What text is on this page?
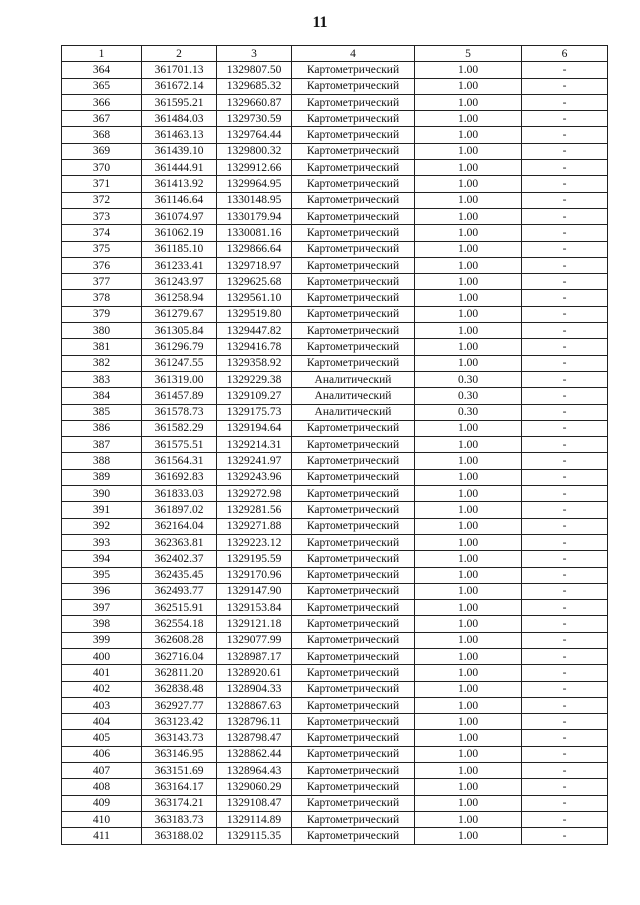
11
1	2	3	4	5	6
364	361701.13	1329807.50	Картометрический	1.00	-
365	361672.14	1329685.32	Картометрический	1.00	-
366	361595.21	1329660.87	Картометрический	1.00	-
367	361484.03	1329730.59	Картометрический	1.00	-
368	361463.13	1329764.44	Картометрический	1.00	-
369	361439.10	1329800.32	Картометрический	1.00	-
370	361444.91	1329912.66	Картометрический	1.00	-
371	361413.92	1329964.95	Картометрический	1.00	-
372	361146.64	1330148.95	Картометрический	1.00	-
373	361074.97	1330179.94	Картометрический	1.00	-
374	361062.19	1330081.16	Картометрический	1.00	-
375	361185.10	1329866.64	Картометрический	1.00	-
376	361233.41	1329718.97	Картометрический	1.00	-
377	361243.97	1329625.68	Картометрический	1.00	-
378	361258.94	1329561.10	Картометрический	1.00	-
379	361279.67	1329519.80	Картометрический	1.00	-
380	361305.84	1329447.82	Картометрический	1.00	-
381	361296.79	1329416.78	Картометрический	1.00	-
382	361247.55	1329358.92	Картометрический	1.00	-
383	361319.00	1329229.38	Аналитический	0.30	-
384	361457.89	1329109.27	Аналитический	0.30	-
385	361578.73	1329175.73	Аналитический	0.30	-
386	361582.29	1329194.64	Картометрический	1.00	-
387	361575.51	1329214.31	Картометрический	1.00	-
388	361564.31	1329241.97	Картометрический	1.00	-
389	361692.83	1329243.96	Картометрический	1.00	-
390	361833.03	1329272.98	Картометрический	1.00	-
391	361897.02	1329281.56	Картометрический	1.00	-
392	362164.04	1329271.88	Картометрический	1.00	-
393	362363.81	1329223.12	Картометрический	1.00	-
394	362402.37	1329195.59	Картометрический	1.00	-
395	362435.45	1329170.96	Картометрический	1.00	-
396	362493.77	1329147.90	Картометрический	1.00	-
397	362515.91	1329153.84	Картометрический	1.00	-
398	362554.18	1329121.18	Картометрический	1.00	-
399	362608.28	1329077.99	Картометрический	1.00	-
400	362716.04	1328987.17	Картометрический	1.00	-
401	362811.20	1328920.61	Картометрический	1.00	-
402	362838.48	1328904.33	Картометрический	1.00	-
403	362927.77	1328867.63	Картометрический	1.00	-
404	363123.42	1328796.11	Картометрический	1.00	-
405	363143.73	1328798.47	Картометрический	1.00	-
406	363146.95	1328862.44	Картометрический	1.00	-
407	363151.69	1328964.43	Картометрический	1.00	-
408	363164.17	1329060.29	Картометрический	1.00	-
409	363174.21	1329108.47	Картометрический	1.00	-
410	363183.73	1329114.89	Картометрический	1.00	-
411	363188.02	1329115.35	Картометрический	1.00	-
